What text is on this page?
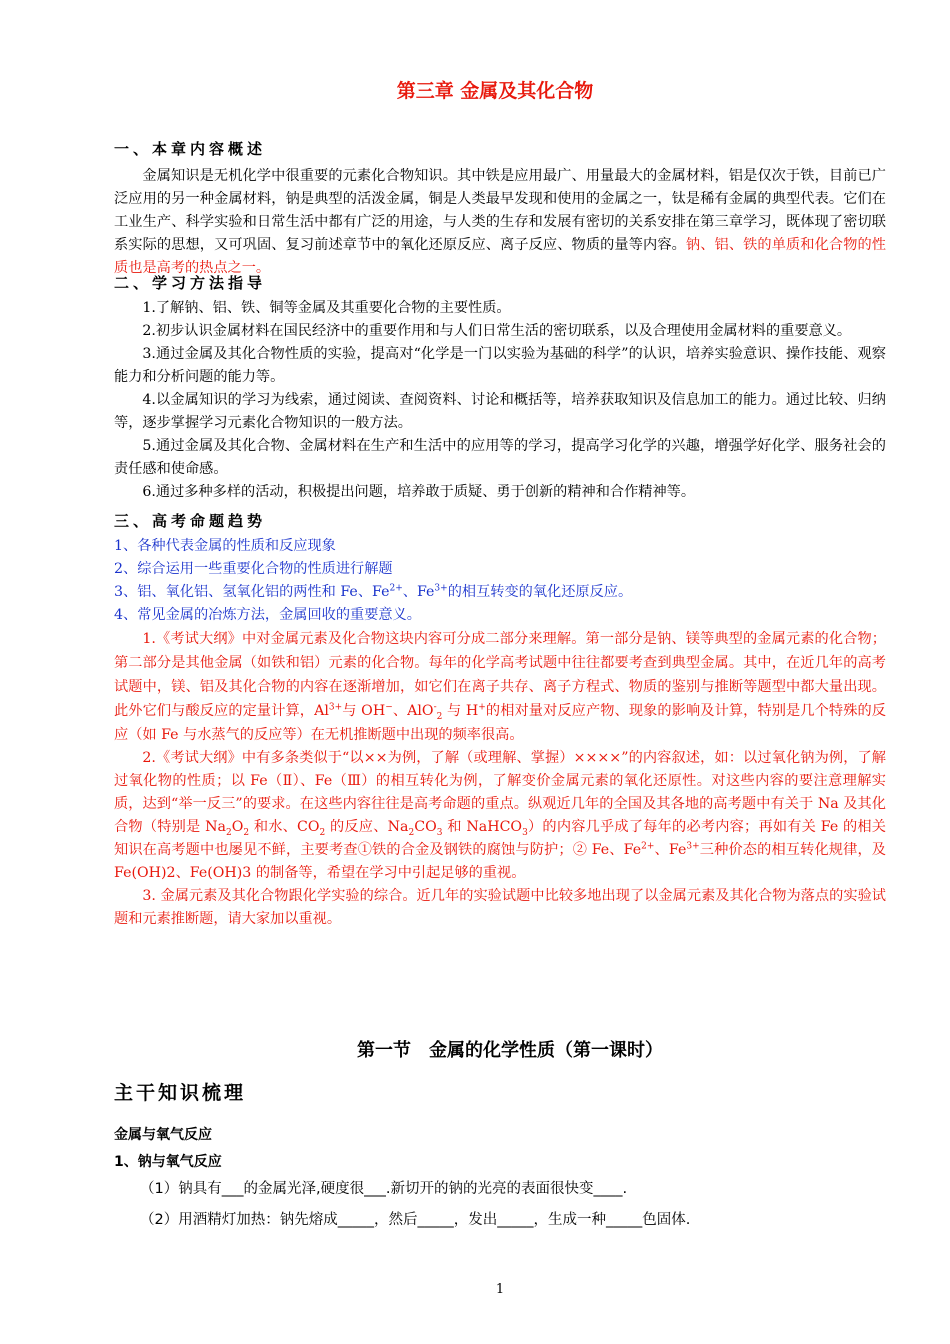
第三章 金属及其化合物
一、本章内容概述
金属知识是无机化学中很重要的元素化合物知识。其中铁是应用最广、用量最大的金属材料，铝是仅次于铁，目前已广泛应用的另一种金属材料，钠是典型的活泼金属，铜是人类最早发现和使用的金属之一，钛是稀有金属的典型代表。它们在工业生产、科学实验和日常生活中都有广泛的用途，与人类的生存和发展有密切的关系安排在第三章学习，既体现了密切联系实际的思想，又可巩固、复习前述章节中的氧化还原反应、离子反应、物质的量等内容。钠、铝、铁的单质和化合物的性质也是高考的热点之一。
二、学习方法指导
1.了解钠、铝、铁、铜等金属及其重要化合物的主要性质。
2.初步认识金属材料在国民经济中的重要作用和与人们日常生活的密切联系，以及合理使用金属材料的重要意义。
3.通过金属及其化合物性质的实验，提高对“化学是一门以实验为基础的科学”的认识，培养实验意识、操作技能、观察能力和分析问题的能力等。
4.以金属知识的学习为线索，通过阅读、查阅资料、讨论和概括等，培养获取知识及信息加工的能力。通过比较、归纳等，逐步掌握学习元素化合物知识的一般方法。
5.通过金属及其化合物、金属材料在生产和生活中的应用等的学习，提高学习化学的兴趣，增强学好化学、服务社会的责任感和使命感。
6.通过多种多样的活动，积极提出问题，培养敢于质疑、勇于创新的精神和合作精神等。
三、高考命题趋势
1、各种代表金属的性质和反应现象
2、综合运用一些重要化合物的性质进行解题
3、铝、氧化铝、氢氧化铝的两性和 Fe、$Fe^{2+}$、$Fe^{3+}$的相互转变的氧化还原反应。
4、常见金属的冶炼方法，金属回收的重要意义。
1.《考试大纲》中对金属元素及化合物这块内容可分成二部分来理解。第一部分是钠、镁等典型的金属元素的化合物；第二部分是其他金属（如铁和铝）元素的化合物。每年的化学高考试题中往往都要考查到典型金属。其中，在近几年的高考试题中，镁、铝及其化合物的内容在逐渐增加，如它们在离子共存、离子方程式、物质的鉴别与推断等题型中都大量出现。此外它们与酸反应的定量计算，$Al^{3+}$与 OH−、AlO-$_2$ 与 H+的相对量对反应产物、现象的影响及计算，特别是几个特殊的反应（如 Fe 与水蒸气的反应等）在无机推断题中出现的频率很高。
2.《考试大纲》中有多条类似于“以××为例，了解（或理解、掌握）××××”的内容叙述，如：以过氧化钠为例，了解过氧化物的性质；以 Fe（Ⅱ）、Fe（Ⅲ）的相互转化为例，了解变价金属元素的氧化还原性。对这些内容的要注意理解实质，达到“举一反三”的要求。在这些内容往往是高考命题的重点。纵观近几年的全国及其各地的高考题中有关于 Na 及其化合物（特别是 $Na_2O_2$ 和水、$CO_2$ 的反应、$Na_2CO_3$ 和 NaHCO$_3$）的内容几乎成了每年的必考内容；再如有关 Fe 的相关知识在高考题中也屡见不鲜，主要考查①铁的合金及钢铁的腐蚀与防护；② Fe、$Fe^{2+}$、$Fe^{3+}$三种价态的相互转化规律，及 Fe(OH)2、Fe(OH)3 的制备等，希望在学习中引起足够的重视。
3. 金属元素及其化合物跟化学实验的综合。近几年的实验试题中比较多地出现了以金属元素及其化合物为落点的实验试题和元素推断题，请大家加以重视。
第一节　金属的化学性质（第一课时）
主干知识梳理
金属与氧气反应
1、钠与氧气反应
（1）钠具有___的金属光泽,硬度很___.新切开的钠的光亮的表面很快变____.
（2）用酒精灯加热：钠先熔成_____，然后_____，发出_____，生成一种_____色固体.
1
